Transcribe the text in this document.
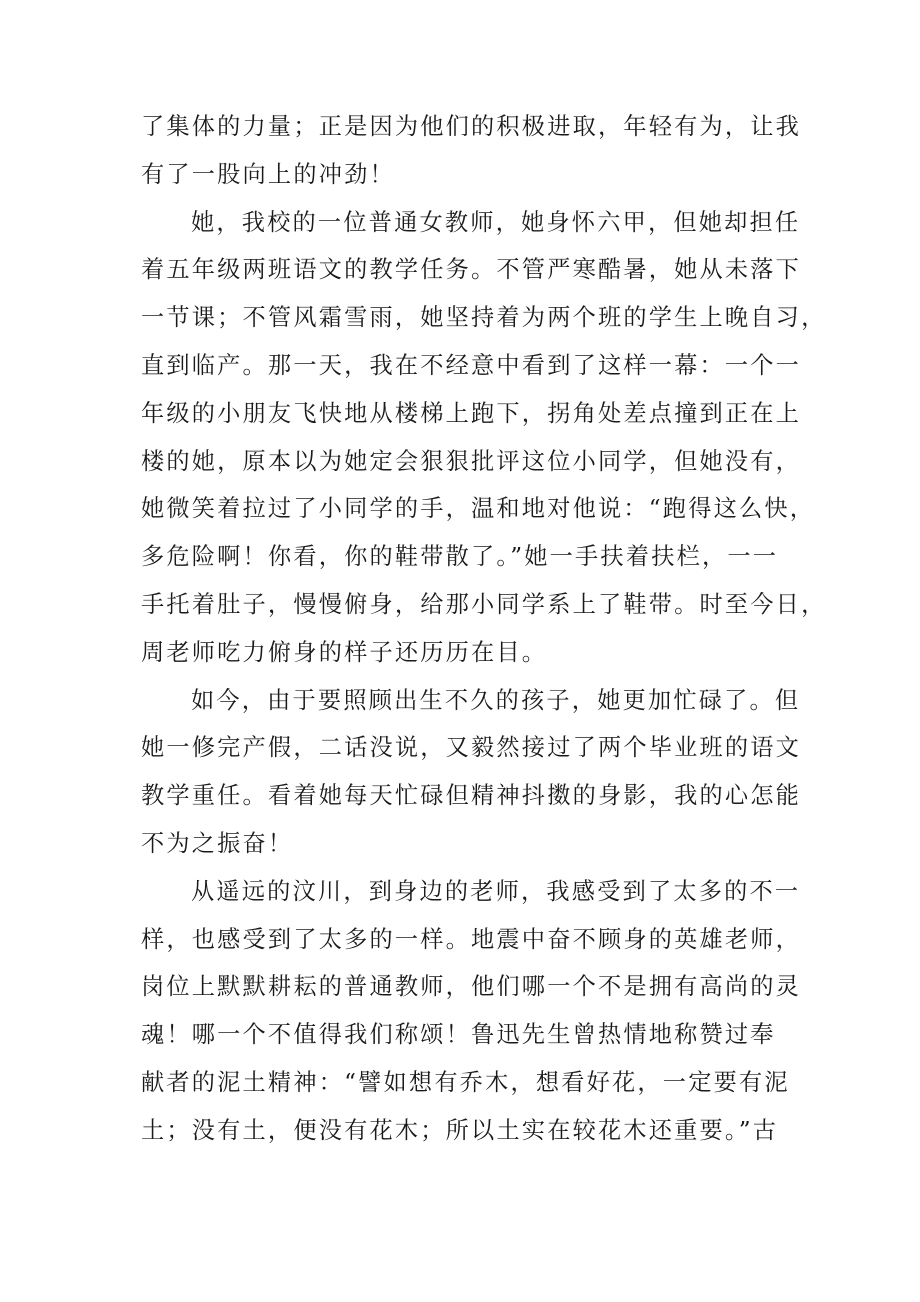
了集体的力量；正是因为他们的积极进取，年轻有为，让我
有了一股向上的冲劲！
她，我校的一位普通女教师，她身怀六甲，但她却担任
着五年级两班语文的教学任务。不管严寒酷暑，她从未落下
一节课；不管风霜雪雨，她坚持着为两个班的学生上晚自习，
直到临产。那一天，我在不经意中看到了这样一幕：一个一
年级的小朋友飞快地从楼梯上跑下，拐角处差点撞到正在上
楼的她，原本以为她定会狠狠批评这位小同学，但她没有，
她微笑着拉过了小同学的手，温和地对他说：“跑得这么快，
多危险啊！你看，你的鞋带散了。”她一手扶着扶栏，一一
手托着肚子，慢慢俯身，给那小同学系上了鞋带。时至今日，
周老师吃力俯身的样子还历历在目。
如今，由于要照顾出生不久的孩子，她更加忙碌了。但
她一修完产假，二话没说，又毅然接过了两个毕业班的语文
教学重任。看着她每天忙碌但精神抖擞的身影，我的心怎能
不为之振奋！
从遥远的汶川，到身边的老师，我感受到了太多的不一
样，也感受到了太多的一样。地震中奋不顾身的英雄老师，
岗位上默默耕耘的普通教师，他们哪一个不是拥有高尚的灵
魂！哪一个不值得我们称颂！鲁迅先生曾热情地称赞过奉
献者的泥土精神：“譬如想有乔木，想看好花，一定要有泥
土；没有土，便没有花木；所以土实在较花木还重要。”古
